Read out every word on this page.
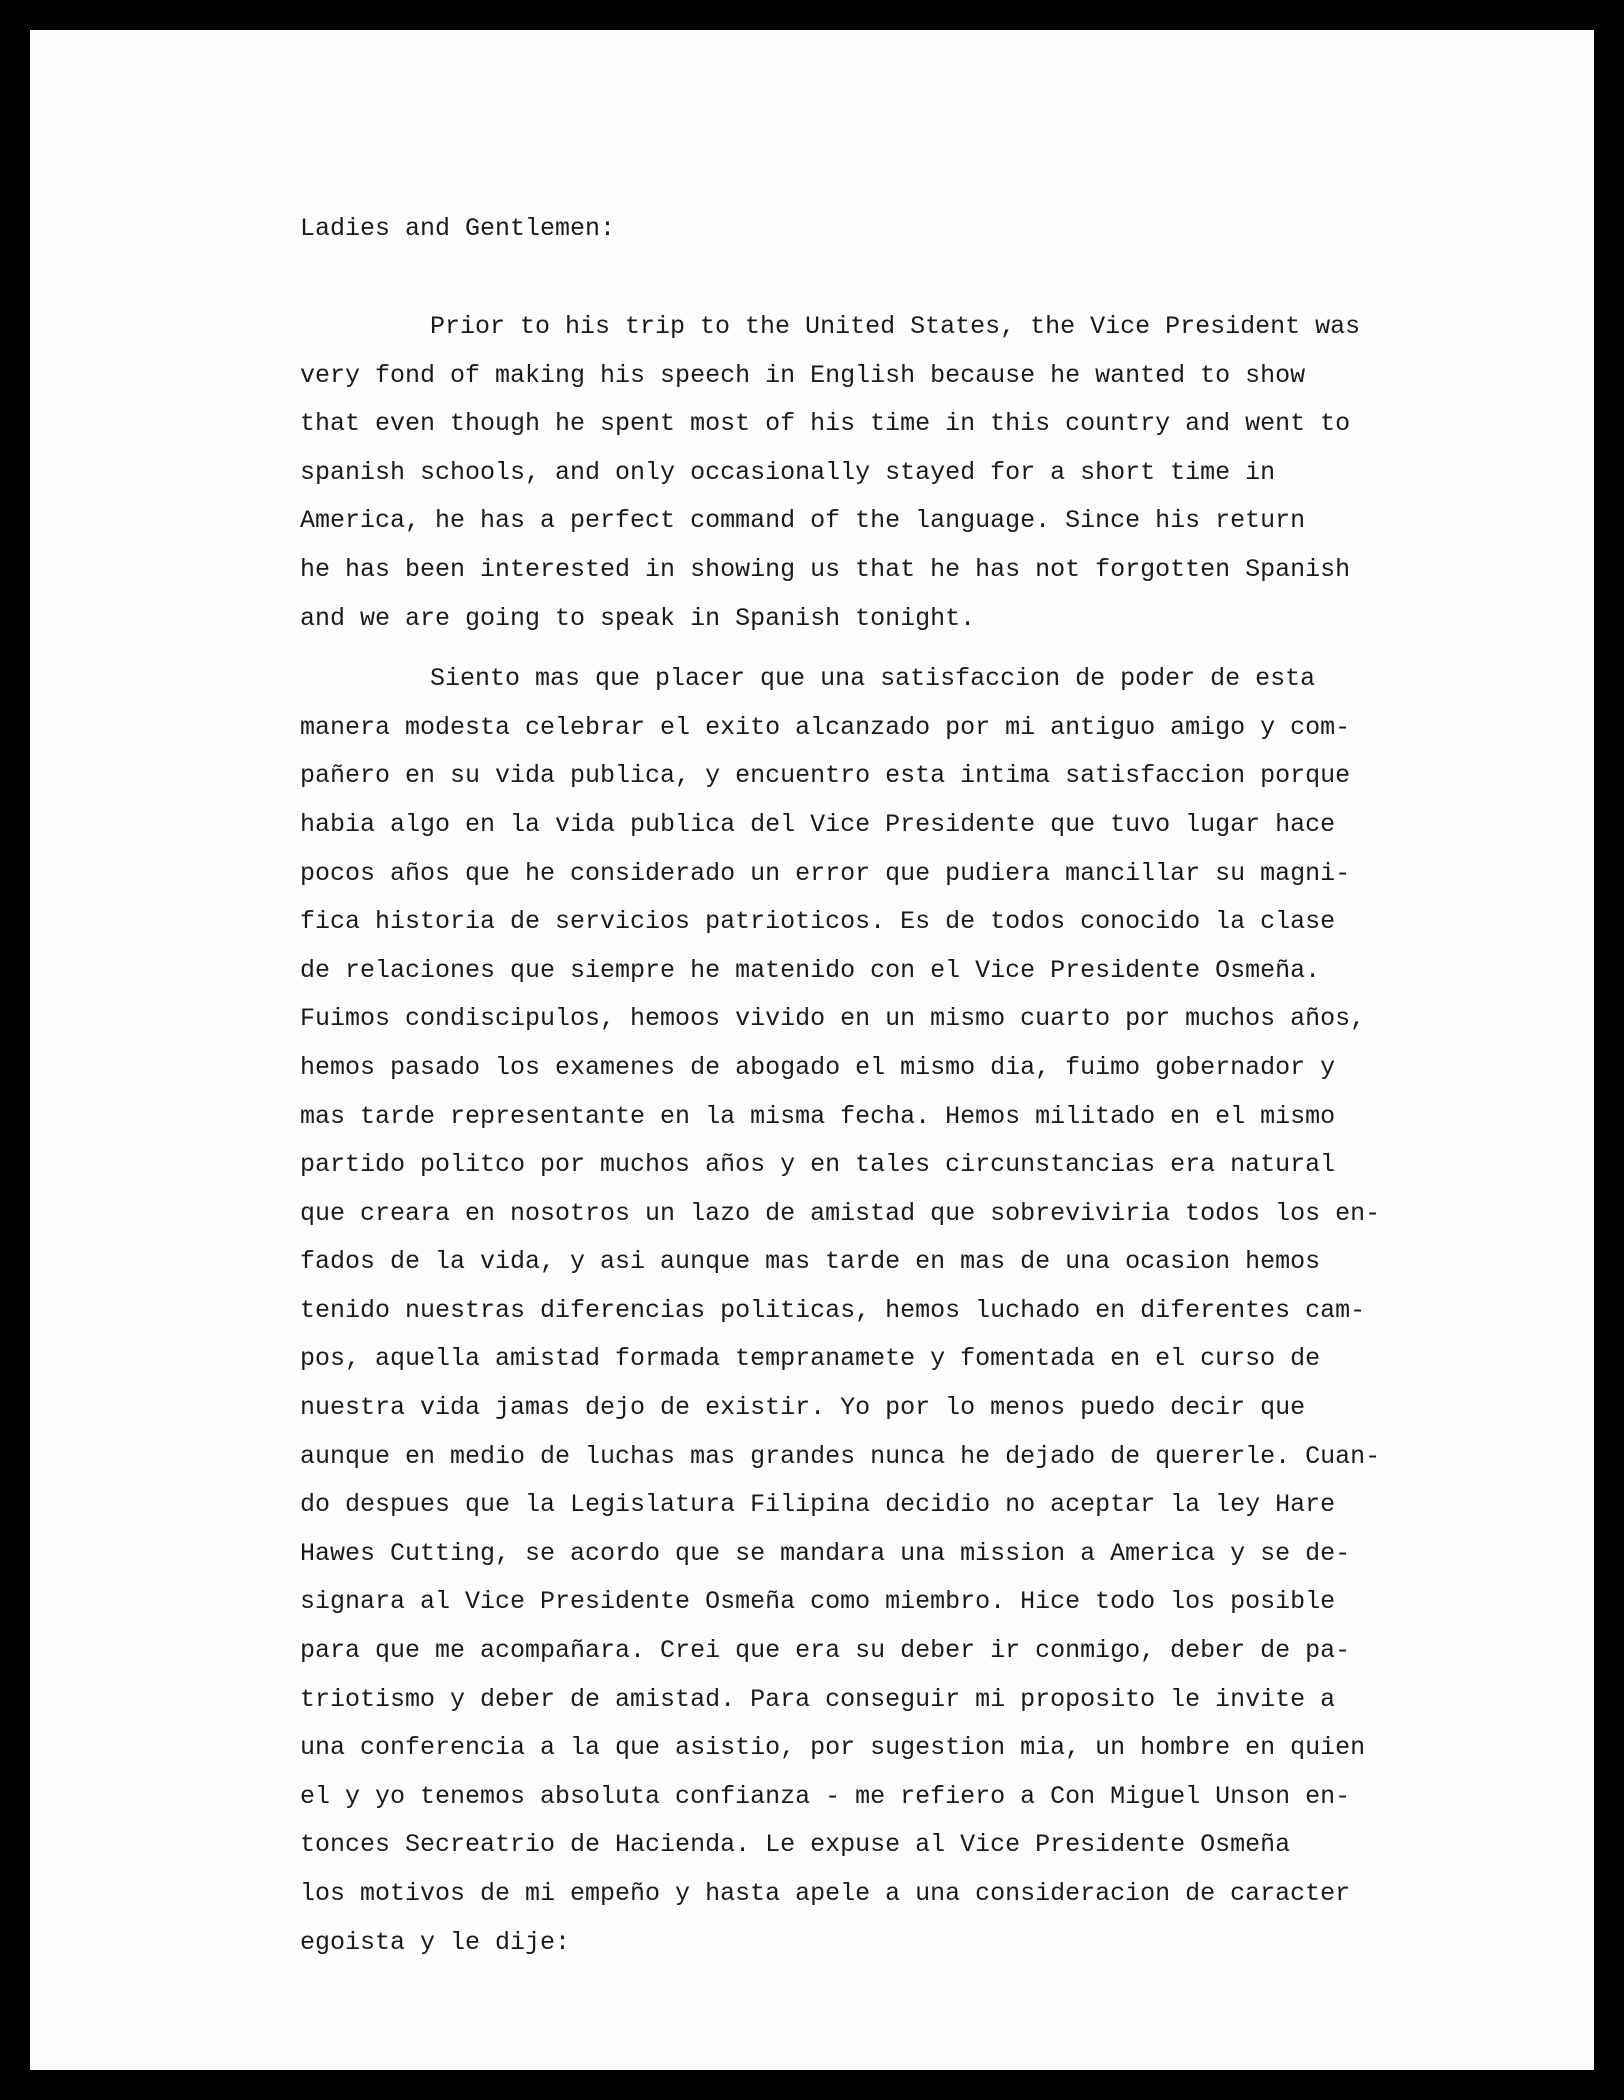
Ladies and Gentlemen:

Prior to his trip to the United States, the Vice President was

very fond of making his speech in English because he wanted to show

that even though he spent most of his time in this country and went to

spanish schools, and only occasionally stayed for a short time in

America, he has a perfect command of the language. Since his return

he has been interested in showing us that he has not forgotten Spanish

and we are going to speak in Spanish tonight.

Siento mas que placer que una satisfaccion de poder de esta

manera modesta celebrar el exito alcanzado por mi antiguo amigo y com-

pañero en su vida publica, y encuentro esta intima satisfaccion porque

habia algo en la vida publica del Vice Presidente que tuvo lugar hace

pocos años que he considerado un error que pudiera mancillar su magni-

fica historia de servicios patrioticos. Es de todos conocido la clase

de relaciones que siempre he matenido con el Vice Presidente Osmeña.

Fuimos condiscipulos, hemoos vivido en un mismo cuarto por muchos años,

hemos pasado los examenes de abogado el mismo dia, fuimo gobernador y

mas tarde representante en la misma fecha. Hemos militado en el mismo

partido politco por muchos años y en tales circunstancias era natural

que creara en nosotros un lazo de amistad que sobreviviria todos los en-

fados de la vida, y asi aunque mas tarde en mas de una ocasion hemos

tenido nuestras diferencias politicas, hemos luchado en diferentes cam-

pos, aquella amistad formada tempranamete y fomentada en el curso de

nuestra vida jamas dejo de existir. Yo por lo menos puedo decir que

aunque en medio de luchas mas grandes nunca he dejado de quererle. Cuan-

do despues que la Legislatura Filipina decidio no aceptar la ley Hare

Hawes Cutting, se acordo que se mandara una mission a America y se de-

signara al Vice Presidente Osmeña como miembro. Hice todo los posible

para que me acompañara. Crei que era su deber ir conmigo, deber de pa-

triotismo y deber de amistad. Para conseguir mi proposito le invite a

una conferencia a la que asistio, por sugestion mia, un hombre en quien

el y yo tenemos absoluta confianza - me refiero a Con Miguel Unson en-

tonces Secreatrio de Hacienda. Le expuse al Vice Presidente Osmeña

los motivos de mi empeño y hasta apele a una consideracion de caracter

egoista y le dije:
